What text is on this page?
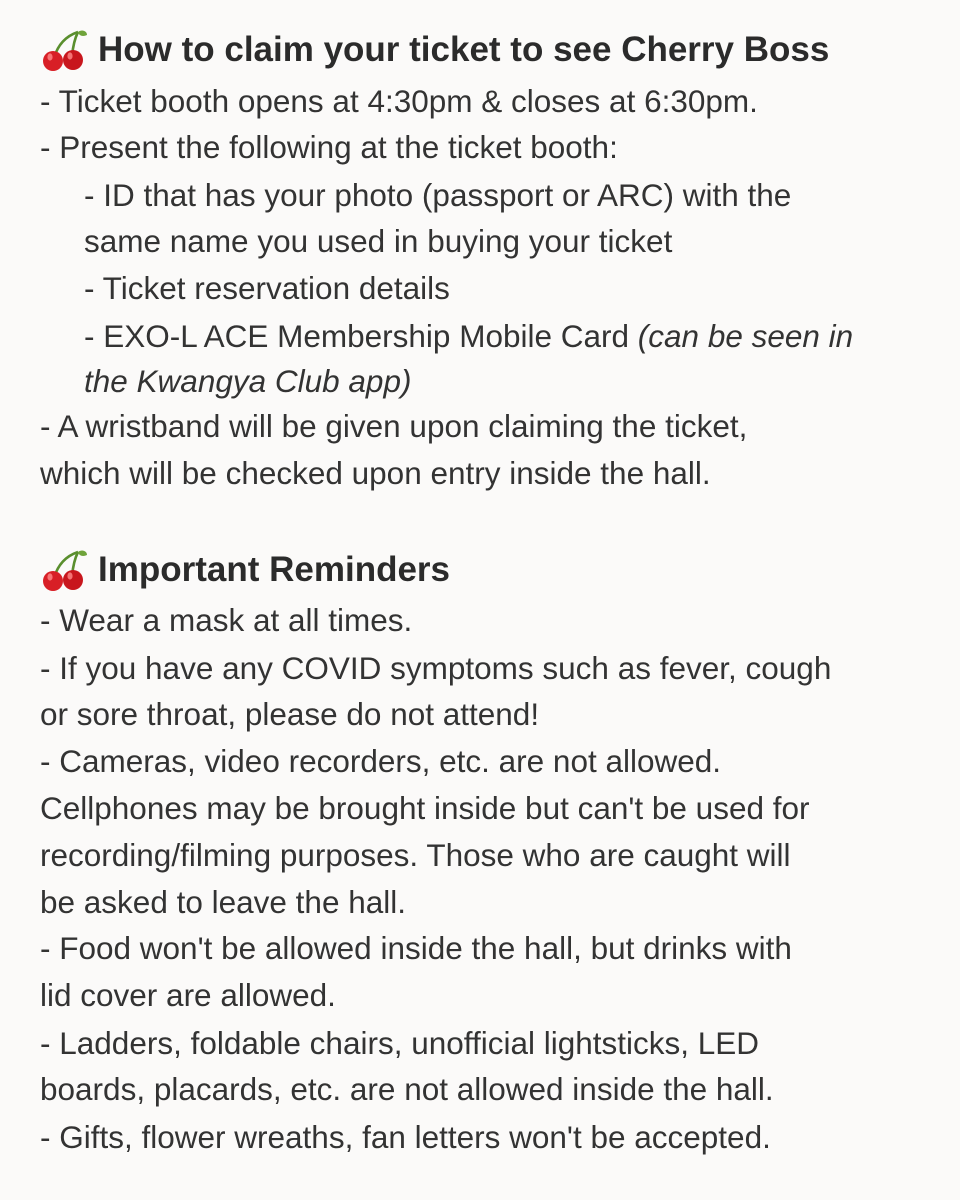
How to claim your ticket to see Cherry Boss
- Ticket booth opens at 4:30pm & closes at 6:30pm.
- Present the following at the ticket booth:
- ID that has your photo (passport or ARC) with the
same name you used in buying your ticket
- Ticket reservation details
- EXO-L ACE Membership Mobile Card (can be seen in
the Kwangya Club app)
- A wristband will be given upon claiming the ticket,
which will be checked upon entry inside the hall.
Important Reminders
- Wear a mask at all times.
- If you have any COVID symptoms such as fever, cough
or sore throat, please do not attend!
- Cameras, video recorders, etc. are not allowed.
Cellphones may be brought inside but can't be used for
recording/filming purposes. Those who are caught will
be asked to leave the hall.
- Food won't be allowed inside the hall, but drinks with
lid cover are allowed.
- Ladders, foldable chairs, unofficial lightsticks, LED
boards, placards, etc. are not allowed inside the hall.
- Gifts, flower wreaths, fan letters won't be accepted.
